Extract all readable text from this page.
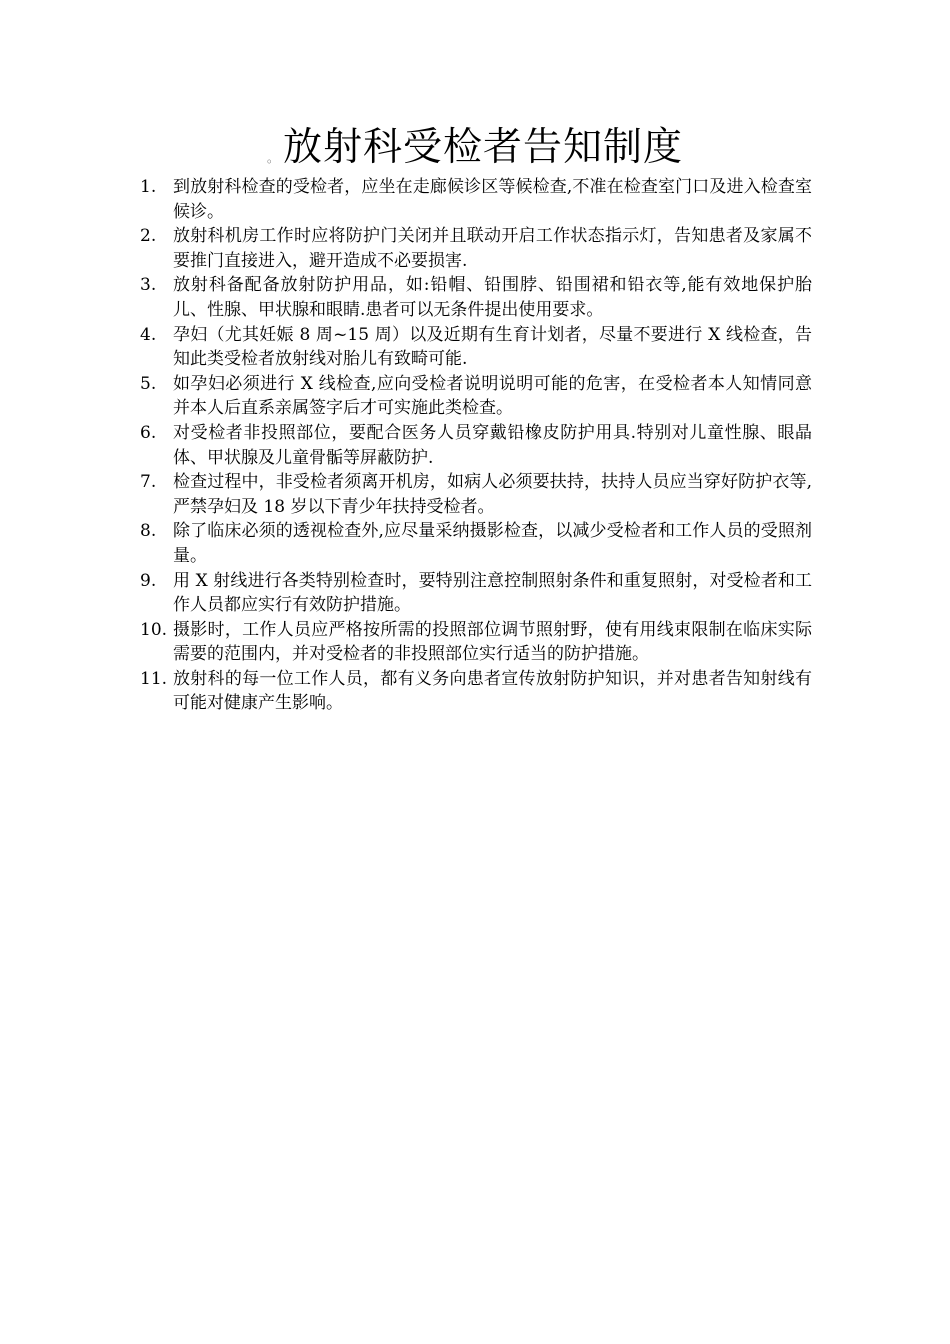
。 放射科受检者告知制度
1. 到放射科检查的受检者，应坐在走廊候诊区等候检查,不准在检查室门口及进入检查室候诊。
2. 放射科机房工作时应将防护门关闭并且联动开启工作状态指示灯，告知患者及家属不要推门直接进入，避开造成不必要损害.
3. 放射科备配备放射防护用品，如:铅帽、铅围脖、铅围裙和铅衣等,能有效地保护胎儿、性腺、甲状腺和眼睛.患者可以无条件提出使用要求。
4. 孕妇（尤其妊娠 8 周~15 周）以及近期有生育计划者，尽量不要进行 X 线检查，告知此类受检者放射线对胎儿有致畸可能.
5. 如孕妇必须进行 X 线检查,应向受检者说明说明可能的危害，在受检者本人知情同意并本人后直系亲属签字后才可实施此类检查。
6. 对受检者非投照部位，要配合医务人员穿戴铅橡皮防护用具.特别对儿童性腺、眼晶体、甲状腺及儿童骨骺等屏蔽防护.
7. 检查过程中，非受检者须离开机房，如病人必须要扶持，扶持人员应当穿好防护衣等,严禁孕妇及 18 岁以下青少年扶持受检者。
8. 除了临床必须的透视检查外,应尽量采纳摄影检查，以减少受检者和工作人员的受照剂量。
9. 用 X 射线进行各类特别检查时，要特别注意控制照射条件和重复照射，对受检者和工作人员都应实行有效防护措施。
10. 摄影时，工作人员应严格按所需的投照部位调节照射野，使有用线束限制在临床实际需要的范围内，并对受检者的非投照部位实行适当的防护措施。
11. 放射科的每一位工作人员，都有义务向患者宣传放射防护知识，并对患者告知射线有可能对健康产生影响。
